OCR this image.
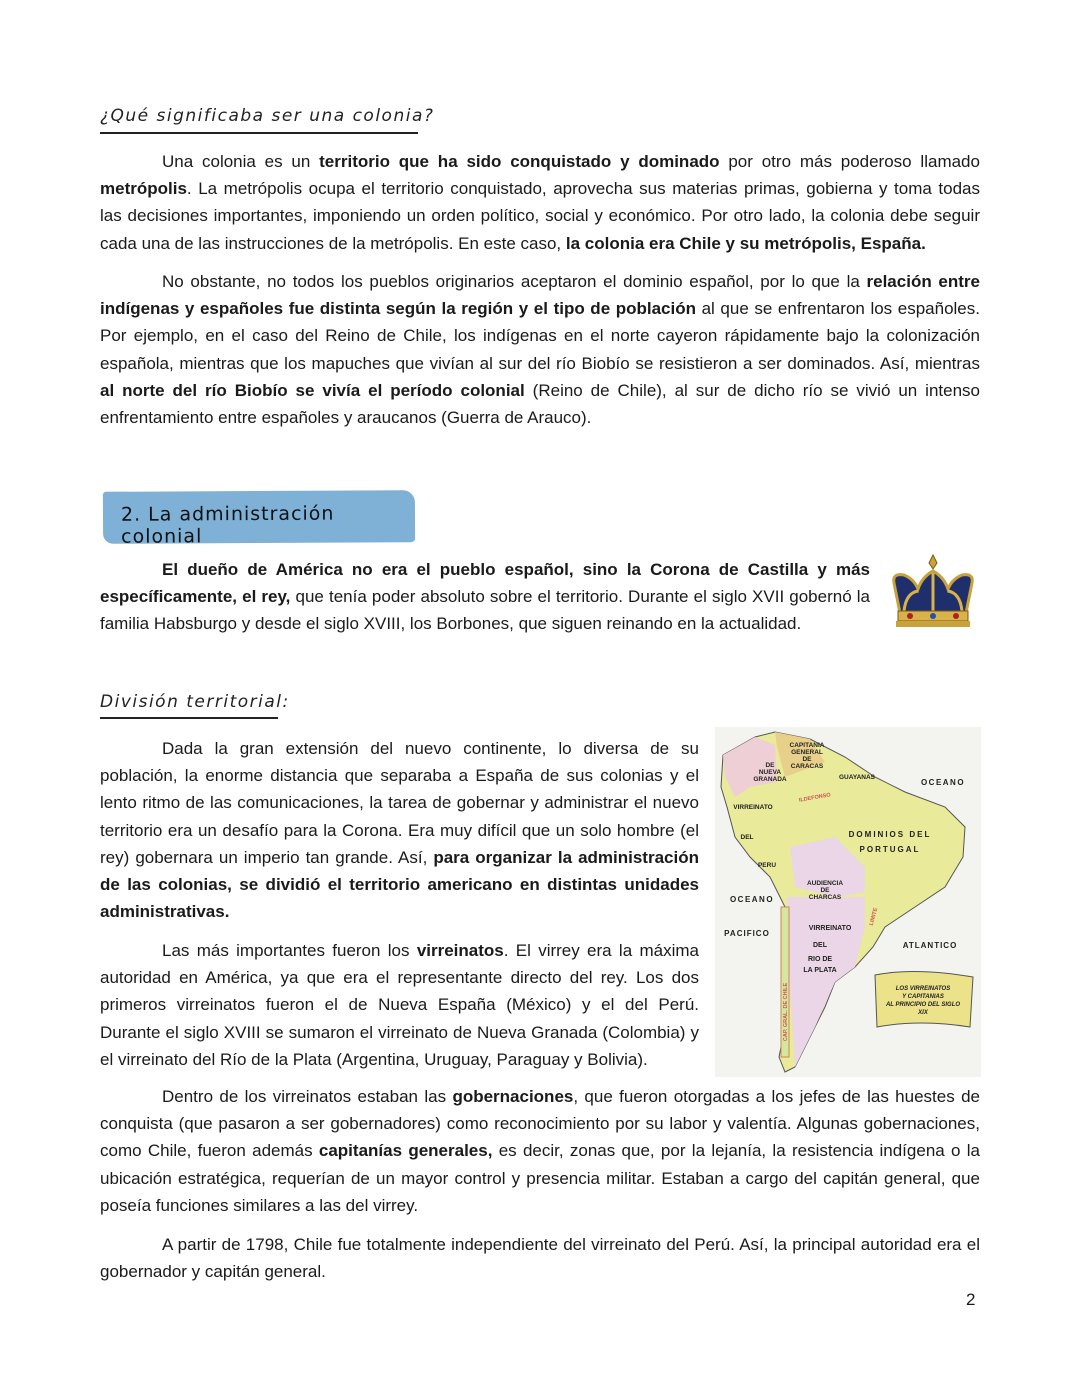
¿Qué significaba ser una colonia?

Una colonia es un territorio que ha sido conquistado y dominado por otro más poderoso llamado metrópolis. La metrópolis ocupa el territorio conquistado, aprovecha sus materias primas, gobierna y toma todas las decisiones importantes, imponiendo un orden político, social y económico. Por otro lado, la colonia debe seguir cada una de las instrucciones de la metrópolis. En este caso, la colonia era Chile y su metrópolis, España.

No obstante, no todos los pueblos originarios aceptaron el dominio español, por lo que la relación entre indígenas y españoles fue distinta según la región y el tipo de población al que se enfrentaron los españoles. Por ejemplo, en el caso del Reino de Chile, los indígenas en el norte cayeron rápidamente bajo la colonización española, mientras que los mapuches que vivían al sur del río Biobío se resistieron a ser dominados. Así, mientras al norte del río Biobío se vivía el período colonial (Reino de Chile), al sur de dicho río se vivió un intenso enfrentamiento entre españoles y araucanos (Guerra de Arauco).

2. La administración colonial

El dueño de América no era el pueblo español, sino la Corona de Castilla y más específicamente, el rey, que tenía poder absoluto sobre el territorio. Durante el siglo XVII gobernó la familia Habsburgo y desde el siglo XVIII, los Borbones, que siguen reinando en la actualidad.

División territorial:

Dada la gran extensión del nuevo continente, lo diversa de su población, la enorme distancia que separaba a España de sus colonias y el lento ritmo de las comunicaciones, la tarea de gobernar y administrar el nuevo territorio era un desafío para la Corona. Era muy difícil que un solo hombre (el rey) gobernara un imperio tan grande. Así, para organizar la administración de las colonias, se dividió el territorio americano en distintas unidades administrativas.

Las más importantes fueron los virreinatos. El virrey era la máxima autoridad en América, ya que era el representante directo del rey. Los dos primeros virreinatos fueron el de Nueva España (México) y el del Perú. Durante el siglo XVIII se sumaron el virreinato de Nueva Granada (Colombia) y el virreinato del Río de la Plata (Argentina, Uruguay, Paraguay y Bolivia).

CAPITANIA GENERAL DE CARACAS
DE NUEVA GRANADA	GUAYANAS
VIRREINATO
DEL
PERU
DOMINIOS DEL
PORTUGAL
AUDIENCIA DE CHARCAS
VIRREINATO DEL RIO DE LA PLATA
OCEANO
ATLANTICO
OCEANO
PACIFICO
CAP. GRAL. DE CHILE
ILDEFONSO
LIMITE
LOS VIRREINATOS
Y CAPITANIAS
AL PRINCIPIO DEL SIGLO
XIX

Dentro de los virreinatos estaban las gobernaciones, que fueron otorgadas a los jefes de las huestes de conquista (que pasaron a ser gobernadores) como reconocimiento por su labor y valentía. Algunas gobernaciones, como Chile, fueron además capitanías generales, es decir, zonas que, por la lejanía, la resistencia indígena o la ubicación estratégica, requerían de un mayor control y presencia militar. Estaban a cargo del capitán general, que poseía funciones similares a las del virrey.

A partir de 1798, Chile fue totalmente independiente del virreinato del Perú. Así, la principal autoridad era el gobernador y capitán general.

2
